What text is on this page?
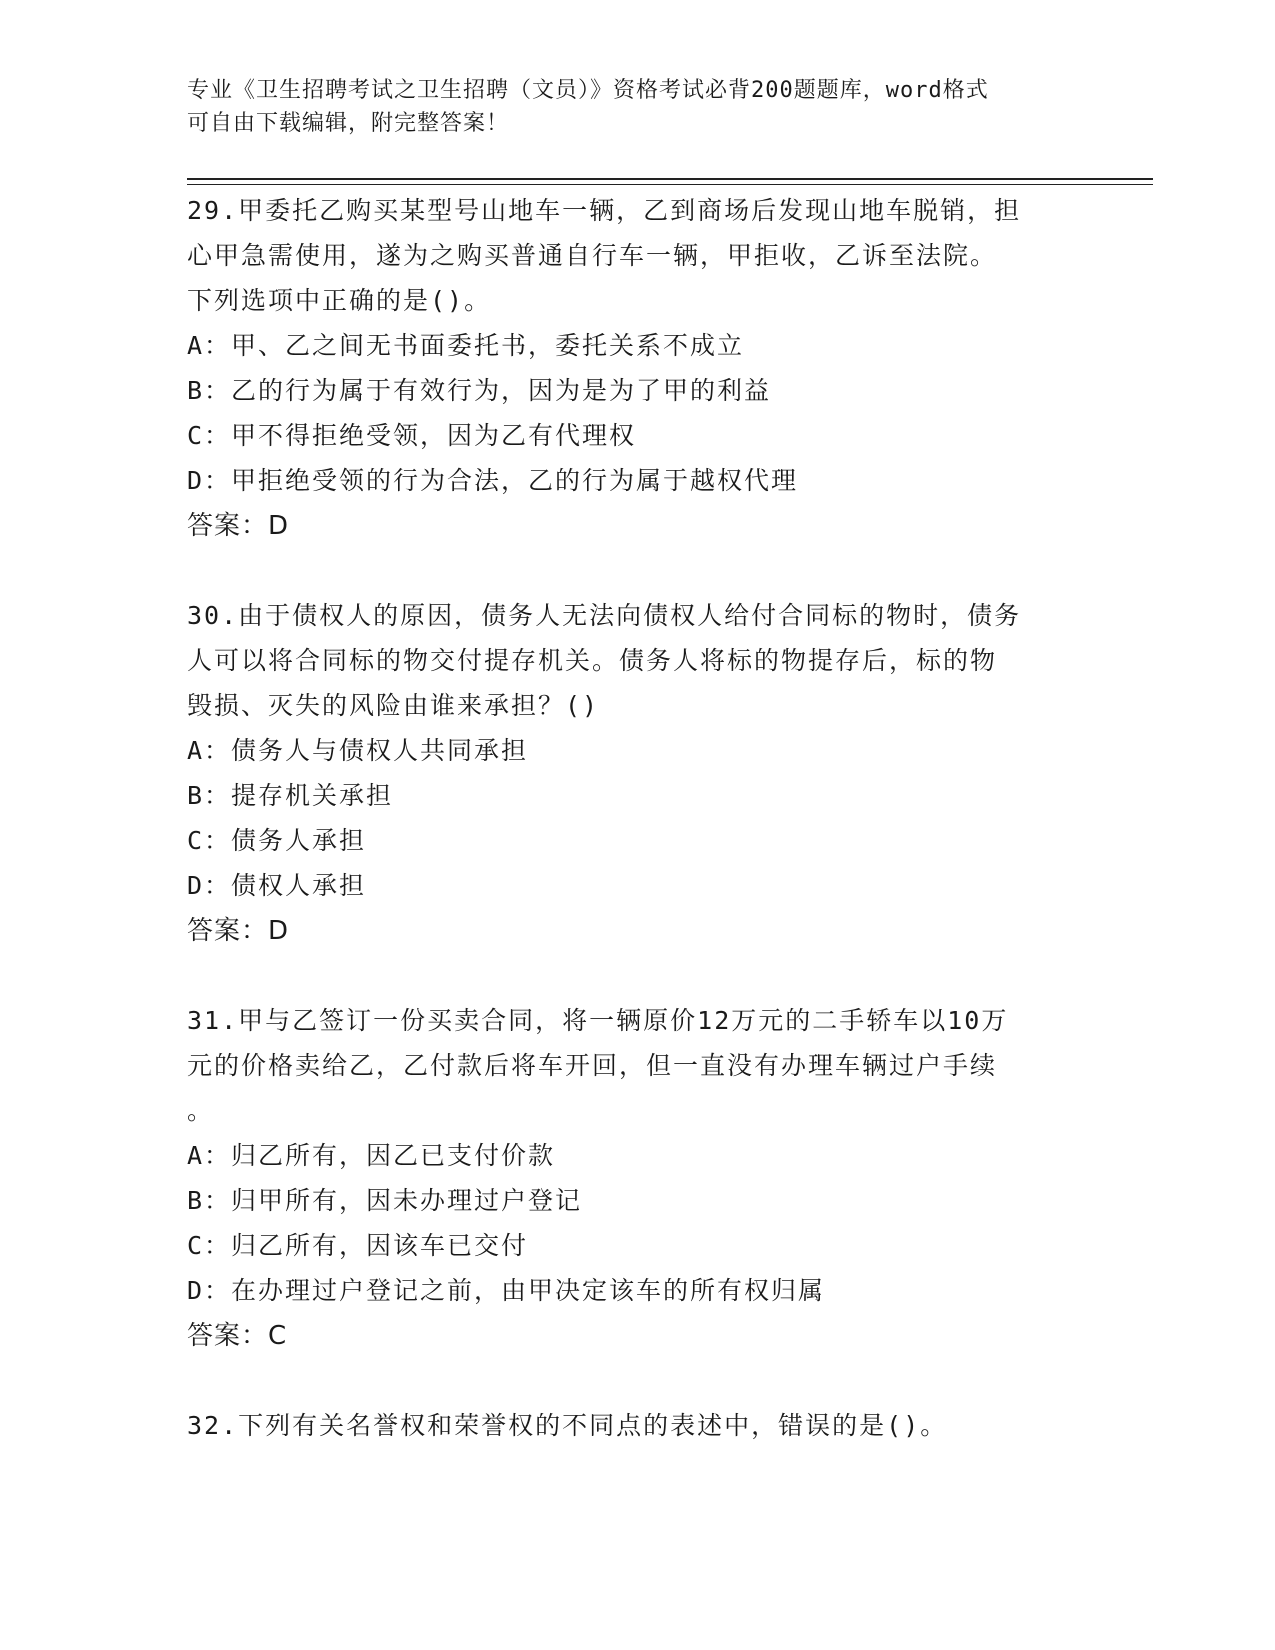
专业《卫生招聘考试之卫生招聘（文员）》资格考试必背200题题库，word格式
可自由下载编辑，附完整答案！
29.甲委托乙购买某型号山地车一辆，乙到商场后发现山地车脱销，担
心甲急需使用，遂为之购买普通自行车一辆，甲拒收，乙诉至法院。
下列选项中正确的是()。
A：甲、乙之间无书面委托书，委托关系不成立
B：乙的行为属于有效行为，因为是为了甲的利益
C：甲不得拒绝受领，因为乙有代理权
D：甲拒绝受领的行为合法，乙的行为属于越权代理
答案：D
30.由于债权人的原因，债务人无法向债权人给付合同标的物时，债务
人可以将合同标的物交付提存机关。债务人将标的物提存后，标的物
毁损、灭失的风险由谁来承担？()
A：债务人与债权人共同承担
B：提存机关承担
C：债务人承担
D：债权人承担
答案：D
31.甲与乙签订一份买卖合同，将一辆原价12万元的二手轿车以10万
元的价格卖给乙，乙付款后将车开回，但一直没有办理车辆过户手续
。
A：归乙所有，因乙已支付价款
B：归甲所有，因未办理过户登记
C：归乙所有，因该车已交付
D：在办理过户登记之前，由甲决定该车的所有权归属
答案：C
32.下列有关名誉权和荣誉权的不同点的表述中，错误的是()。
